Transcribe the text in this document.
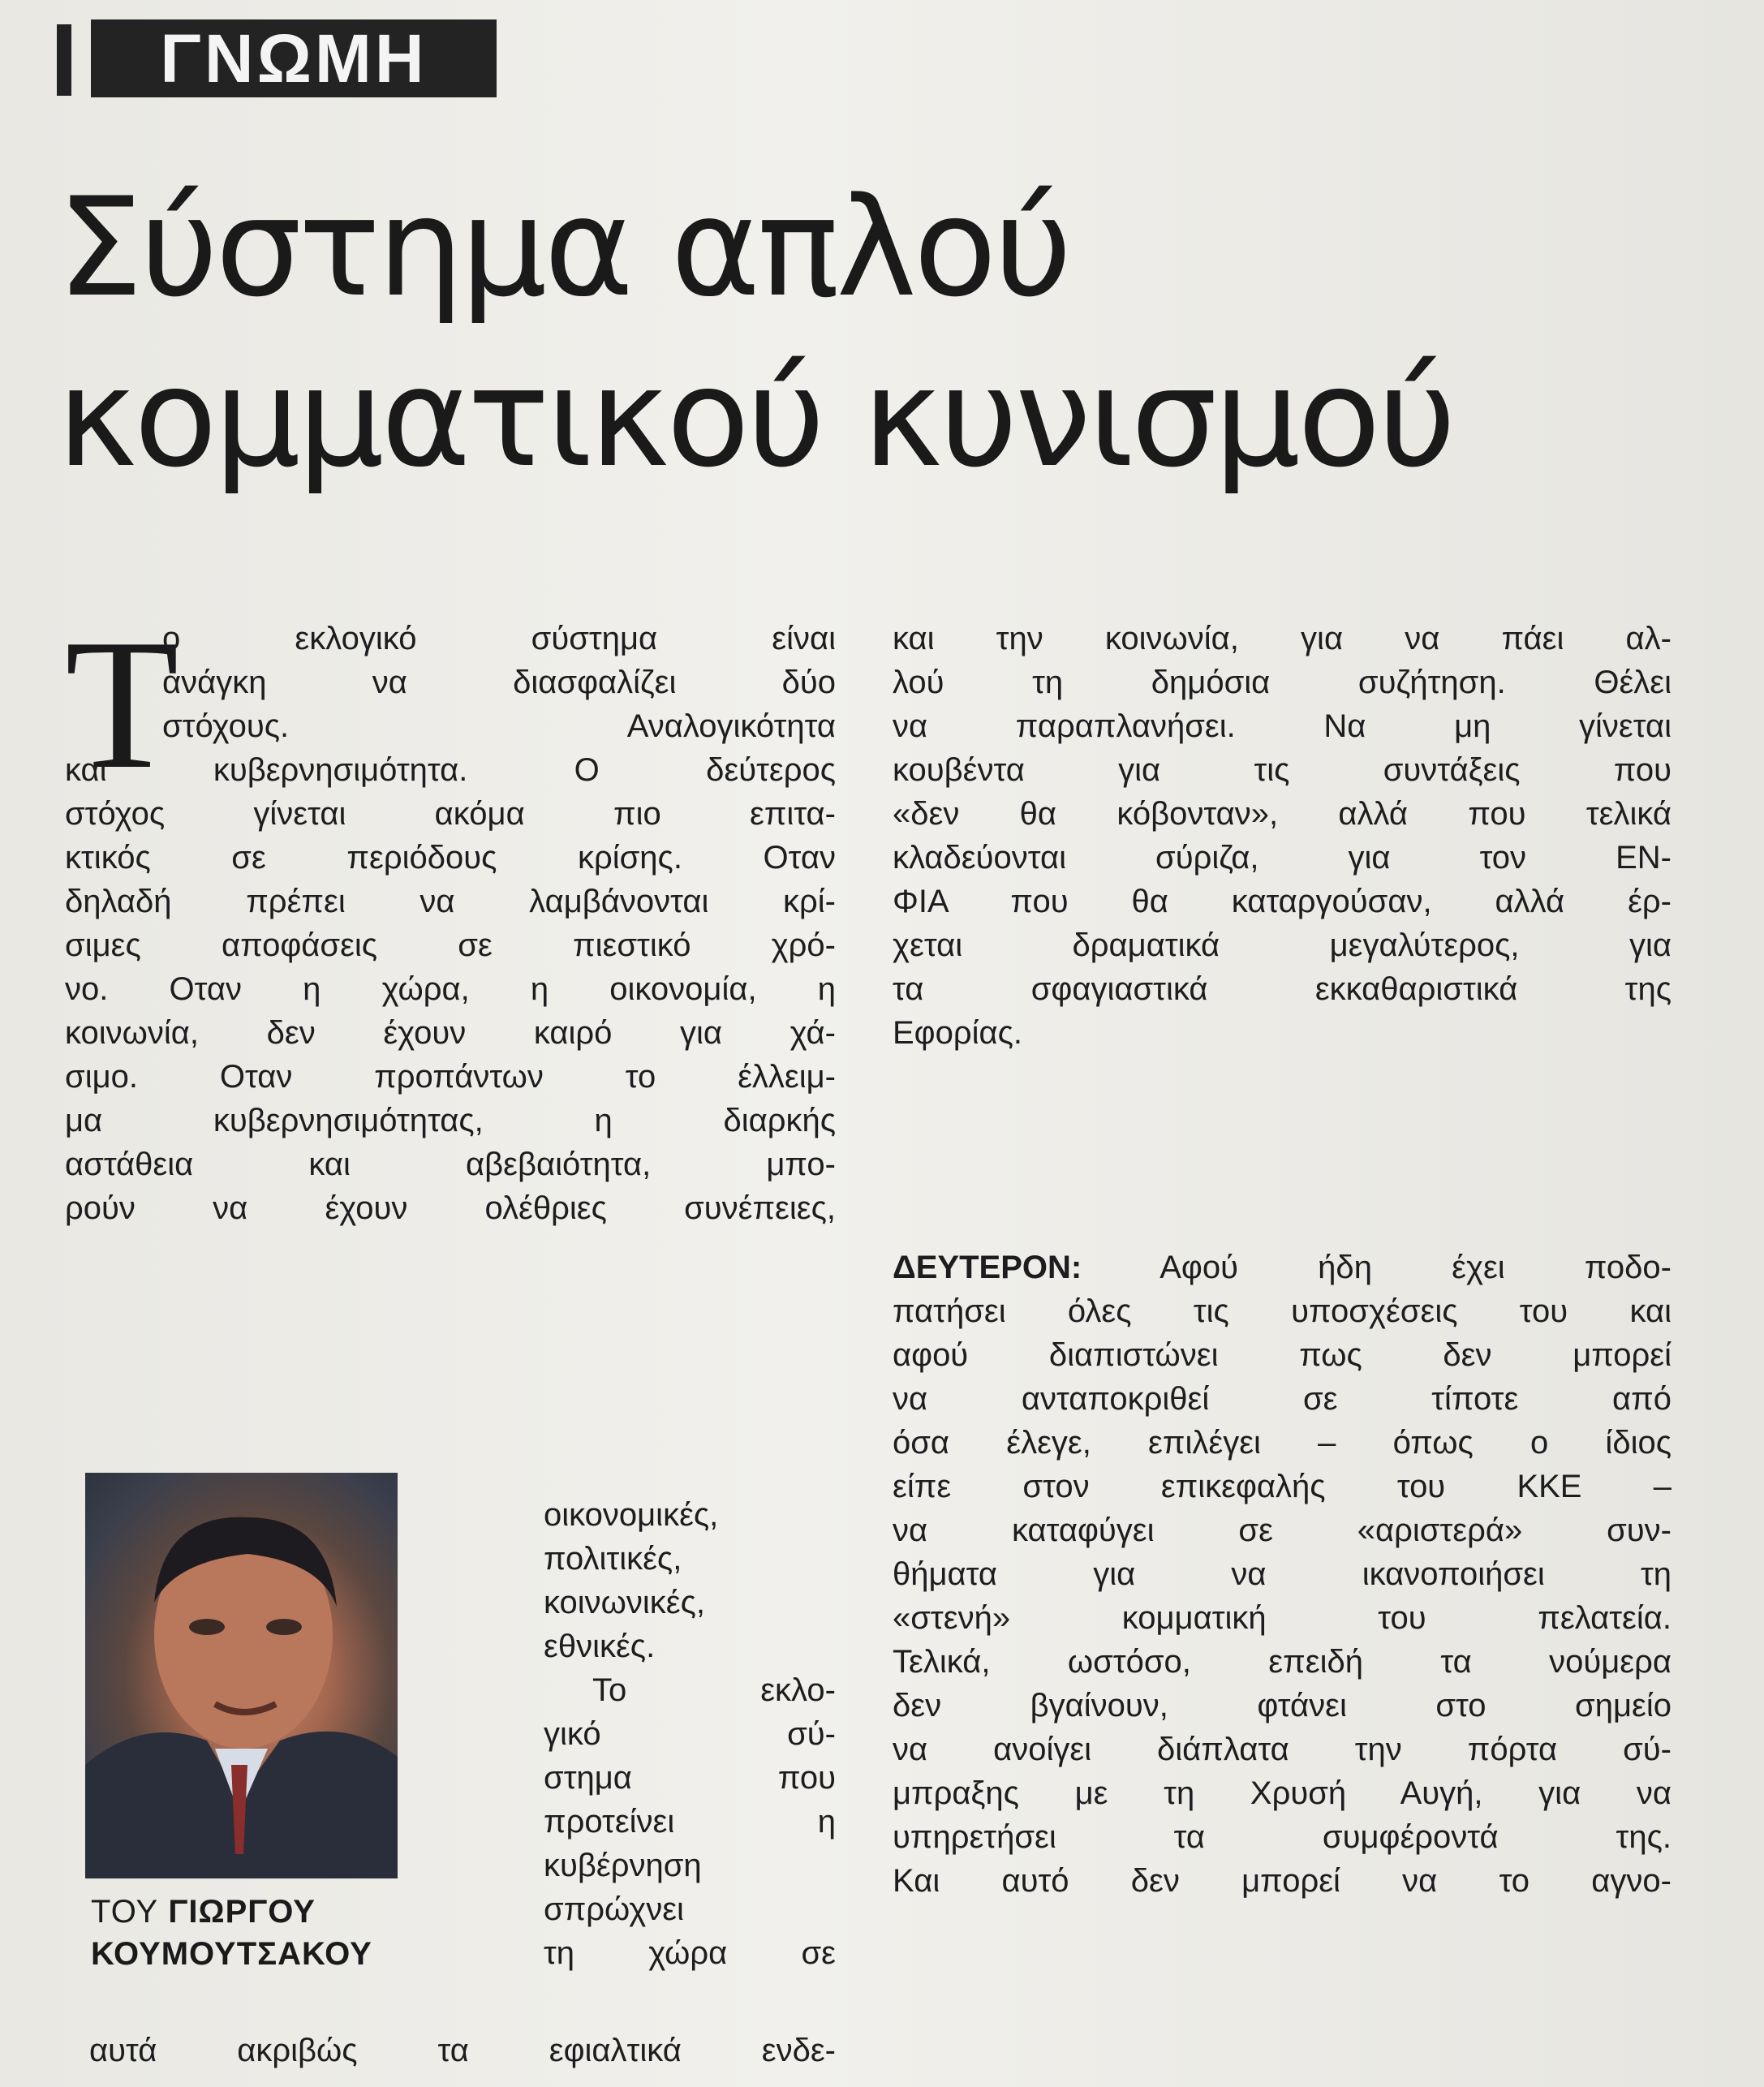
ΓΝΩΜΗ
Σύστημα απλού
κομματικού κυνισμού
Τ
ο εκλογικό σύστημα είναι
ανάγκη να διασφαλίζει δύο
στόχους. Αναλογικότητα
και κυβερνησιμότητα. Ο δεύτερος
στόχος γίνεται ακόμα πιο επιτα-
κτικός σε περιόδους κρίσης. Οταν
δηλαδή πρέπει να λαμβάνονται κρί-
σιμες αποφάσεις σε πιεστικό χρό-
νο. Οταν η χώρα, η οικονομία, η
κοινωνία, δεν έχουν καιρό για χά-
σιμο. Οταν προπάντων το έλλειμ-
μα κυβερνησιμότητας, η διαρκής
αστάθεια και αβεβαιότητα, μπο-
ρούν να έχουν ολέθριες συνέπειες,
ΤΟΥ ΓΙΩΡΓΟΥ
ΚΟΥΜΟΥΤΣΑΚΟΥ
οικονομικές,
πολιτικές,
κοινωνικές,
εθνικές.
Το εκλο-
γικό σύ-
στημα που
προτείνει η
κυβέρνηση
σπρώχνει
τη χώρα σε
αυτά ακριβώς τα εφιαλτικά ενδε-
και την κοινωνία, για να πάει αλ-
λού τη δημόσια συζήτηση. Θέλει
να παραπλανήσει. Να μη γίνεται
κουβέντα για τις συντάξεις που
«δεν θα κόβονταν», αλλά που τελικά
κλαδεύονται σύριζα, για τον ΕΝ-
ΦΙΑ που θα καταργούσαν, αλλά έρ-
χεται δραματικά μεγαλύτερος, για
τα σφαγιαστικά εκκαθαριστικά της
Εφορίας.
ΔΕΥΤΕΡΟΝ: Αφού ήδη έχει ποδο-
πατήσει όλες τις υποσχέσεις του και
αφού διαπιστώνει πως δεν μπορεί
να ανταποκριθεί σε τίποτε από
όσα έλεγε, επιλέγει – όπως ο ίδιος
είπε στον επικεφαλής του ΚΚΕ –
να καταφύγει σε «αριστερά» συν-
θήματα για να ικανοποιήσει τη
«στενή» κομματική του πελατεία.
Τελικά, ωστόσο, επειδή τα νούμερα
δεν βγαίνουν, φτάνει στο σημείο
να ανοίγει διάπλατα την πόρτα σύ-
μπραξης με τη Χρυσή Αυγή, για να
υπηρετήσει τα συμφέροντά της.
Και αυτό δεν μπορεί να το αγνο-
